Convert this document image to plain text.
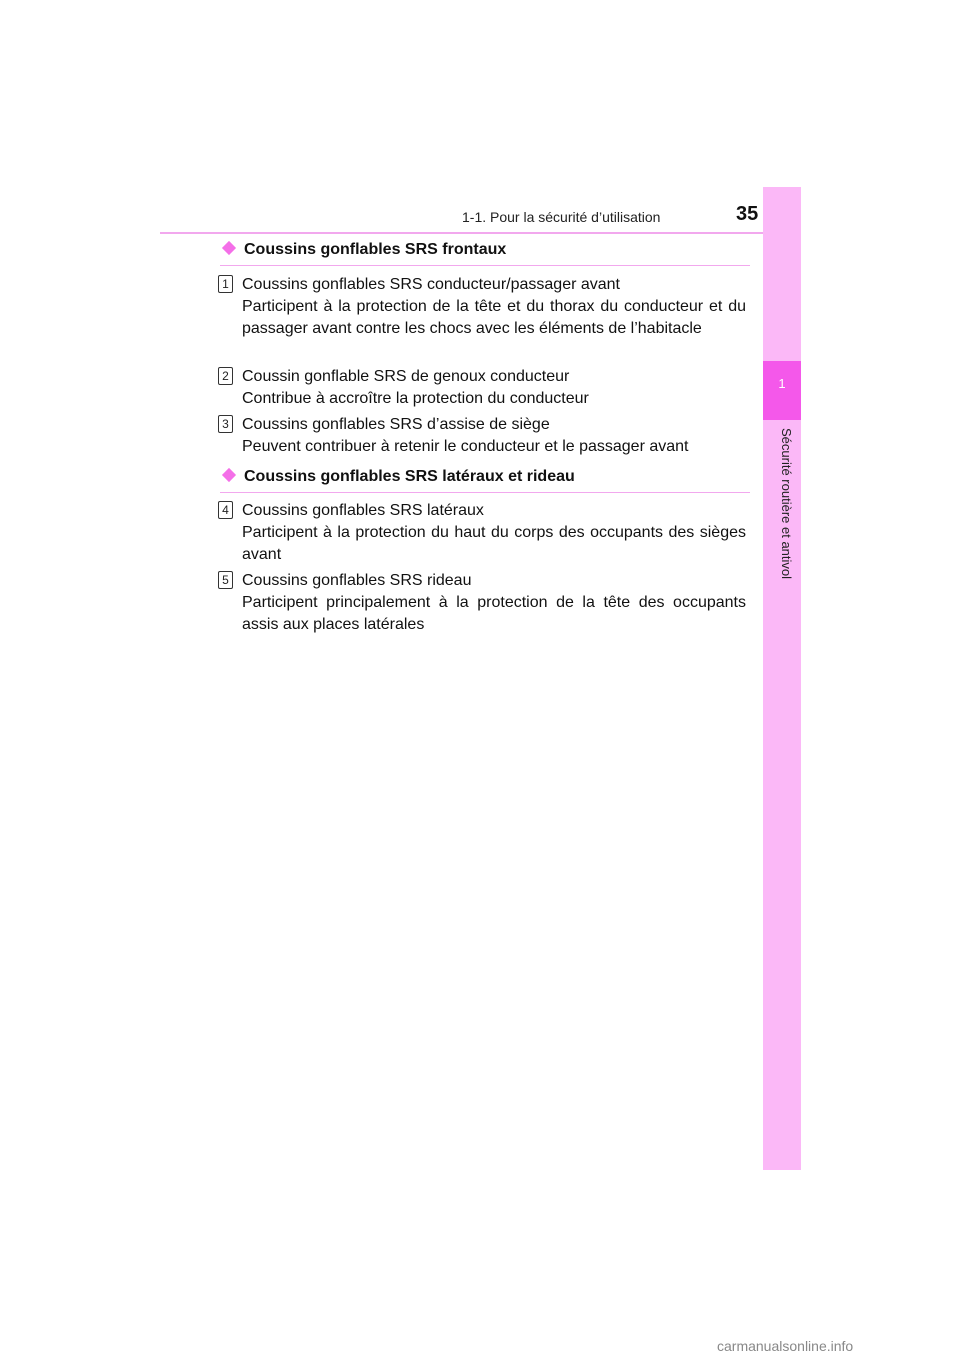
1-1. Pour la sécurité d’utilisation	35
1
Sécurité routière et antivol
Coussins gonflables SRS frontaux
1 Coussins gonflables SRS conducteur/passager avant
Participent à la protection de la tête et du thorax du conducteur et du passager avant contre les chocs avec les éléments de l’habitacle
2 Coussin gonflable SRS de genoux conducteur
Contribue à accroître la protection du conducteur
3 Coussins gonflables SRS d’assise de siège
Peuvent contribuer à retenir le conducteur et le passager avant
Coussins gonflables SRS latéraux et rideau
4 Coussins gonflables SRS latéraux
Participent à la protection du haut du corps des occupants des sièges avant
5 Coussins gonflables SRS rideau
Participent principalement à la protection de la tête des occupants assis aux places latérales
carmanualsonline.info
